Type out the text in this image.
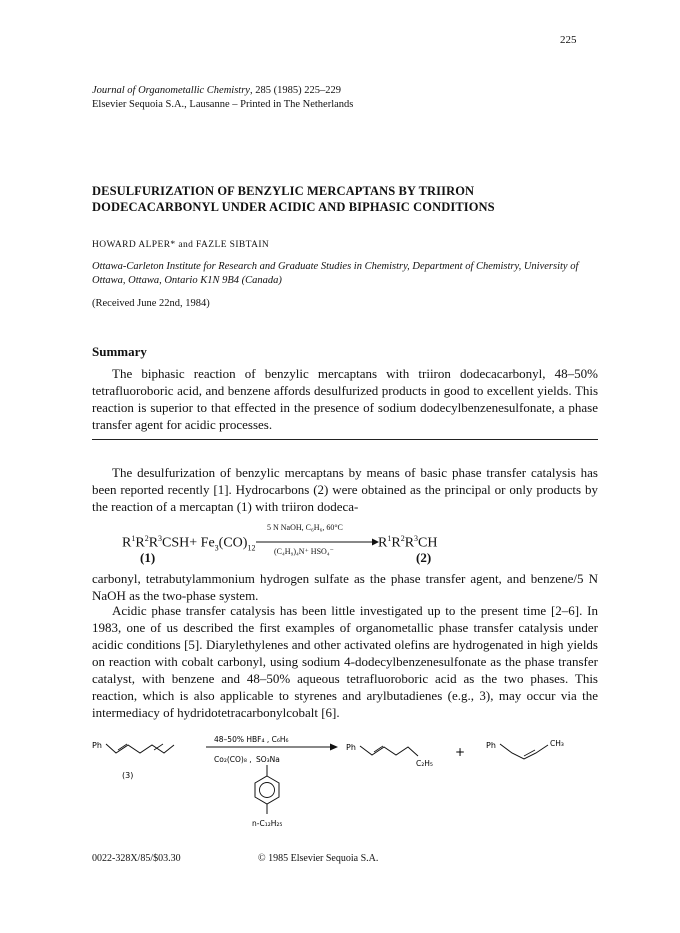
225
Journal of Organometallic Chemistry, 285 (1985) 225–229
Elsevier Sequoia S.A., Lausanne – Printed in The Netherlands
DESULFURIZATION OF BENZYLIC MERCAPTANS BY TRIIRON
DODECACARBONYL UNDER ACIDIC AND BIPHASIC CONDITIONS
HOWARD ALPER* and FAZLE SIBTAIN
Ottawa-Carleton Institute for Research and Graduate Studies in Chemistry, Department of Chemistry, University of Ottawa, Ottawa, Ontario K1N 9B4 (Canada)
(Received June 22nd, 1984)
Summary
The biphasic reaction of benzylic mercaptans with triiron dodecacarbonyl, 48–50% tetrafluoroboric acid, and benzene affords desulfurized products in good to excellent yields. This reaction is superior to that effected in the presence of sodium dodecylbenzenesulfonate, a phase transfer agent for acidic processes.
The desulfurization of benzylic mercaptans by means of basic phase transfer catalysis has been reported recently [1]. Hydrocarbons (2) were obtained as the principal or only products by the reaction of a mercaptan (1) with triiron dodeca-
$R^1R^2R^3CSH+ Fe_3(CO)_{12}$
5 N NaOH, C₆H₆, 60°C
(C₄H₉)₄N⁺ HSO₄⁻
$R^1R^2R^3CH$
(1)	(2)
carbonyl, tetrabutylammonium hydrogen sulfate as the phase transfer agent, and benzene/5 N NaOH as the two-phase system.
Acidic phase transfer catalysis has been little investigated up to the present time [2–6]. In 1983, one of us described the first examples of organometallic phase transfer catalysis under acidic conditions [5]. Diarylethylenes and other activated olefins are hydrogenated in high yields on reaction with cobalt carbonyl, using sodium 4-dodecylbenzenesulfonate as the phase transfer catalyst, with benzene and 48–50% aqueous tetrafluoroboric acid as the two phases. This reaction, which is also applicable to styrenes and arylbutadienes (e.g., 3), may occur via the intermediacy of hydridotetracarbonylcobalt [6].
Ph
(3)
48–50% HBF₄ , C₆H₆
Co₂(CO)₈ , SO₃Na
n-C₁₂H₂₅
Ph
C₂H₅
+	Ph	CH₃
0022-328X/85/$03.30	© 1985 Elsevier Sequoia S.A.
